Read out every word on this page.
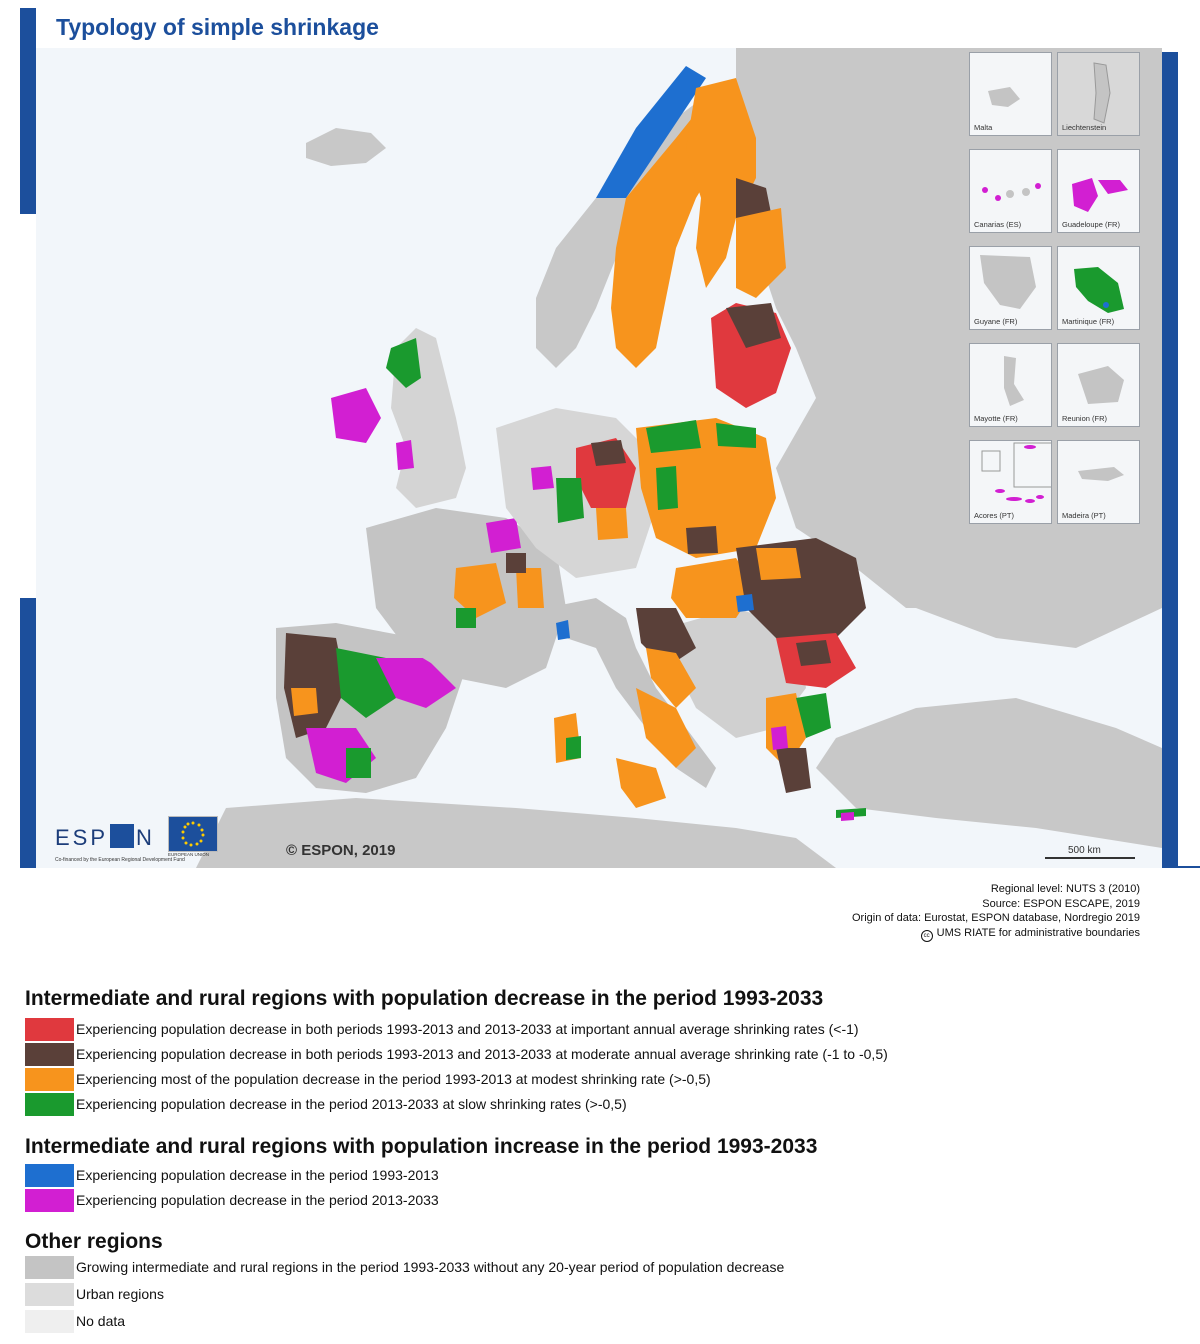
Typology of simple shrinkage
Malta	Liechtenstein
Canarias (ES)	Guadeloupe (FR)
Guyane (FR)	Martinique (FR)
Mayotte (FR)	Reunion (FR)
Acores (PT)	Madeira (PT)
ESP N
Co-financed by the European Regional Development Fund
EUROPEAN UNION	© ESPON, 2019	500 km
Regional level: NUTS 3 (2010)
Source: ESPON ESCAPE, 2019
Origin of data: Eurostat, ESPON database, Nordregio 2019
cc UMS RIATE for administrative boundaries
Intermediate and rural regions with population decrease in the period 1993-2033
Experiencing population decrease in both periods 1993-2013 and 2013-2033 at important annual average shrinking rates (<-1)
Experiencing population decrease in both periods 1993-2013 and 2013-2033 at moderate annual average shrinking rate (-1 to -0,5)
Experiencing most of the population decrease in the period 1993-2013 at modest shrinking rate (>-0,5)
Experiencing population decrease in the period 2013-2033 at slow shrinking rates (>-0,5)
Intermediate and rural regions with population increase in the period 1993-2033
Experiencing population decrease in the period 1993-2013
Experiencing population decrease in the period 2013-2033
Other regions
Growing intermediate and rural regions in the period 1993-2033 without any 20-year period of population decrease
Urban regions
No data
